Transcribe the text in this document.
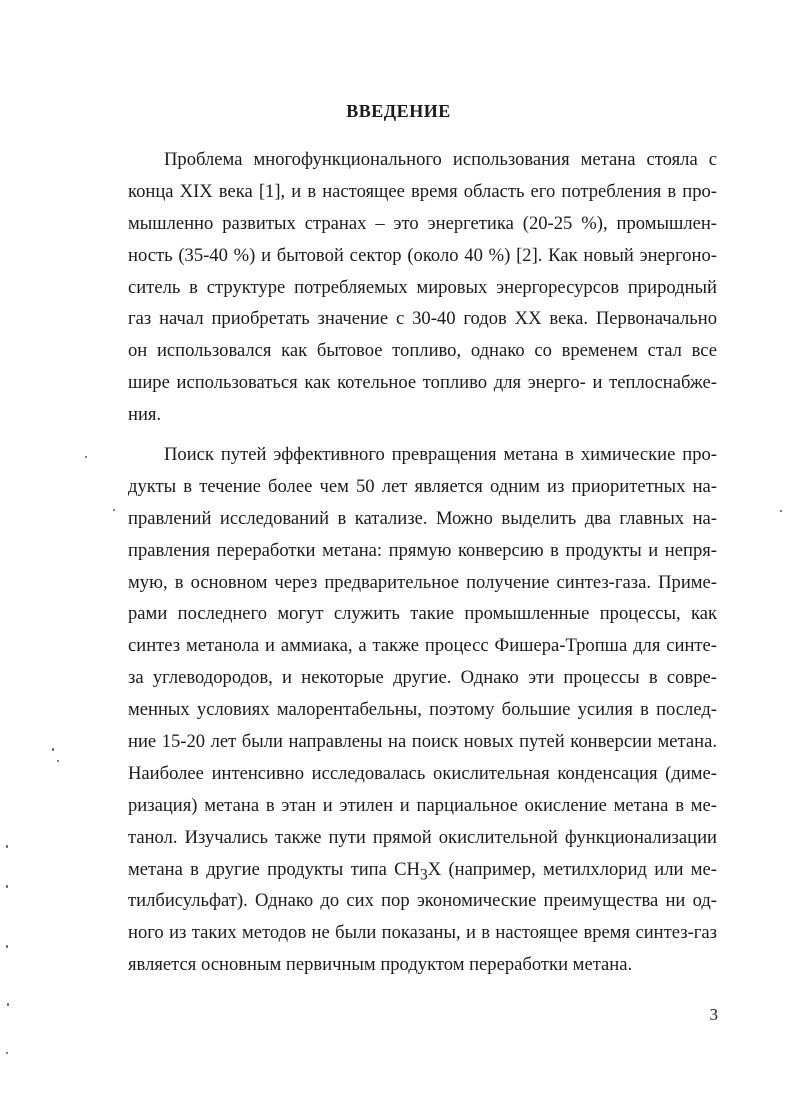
ВВЕДЕНИЕ
Проблема многофункционального использования метана стояла с
конца XIX века [1], и в настоящее время область его потребления в про-
мышленно развитых странах – это энергетика (20-25 %), промышлен-
ность (35-40 %) и бытовой сектор (около 40 %) [2]. Как новый энергоно-
ситель в структуре потребляемых мировых энергоресурсов природный
газ начал приобретать значение с 30-40 годов XX века. Первоначально
он использовался как бытовое топливо, однако со временем стал все
шире использоваться как котельное топливо для энерго- и теплоснабже-
ния.
Поиск путей эффективного превращения метана в химические про-
дукты в течение более чем 50 лет является одним из приоритетных на-
правлений исследований в катализе. Можно выделить два главных на-
правления переработки метана: прямую конверсию в продукты и непря-
мую, в основном через предварительное получение синтез-газа. Приме-
рами последнего могут служить такие промышленные процессы, как
синтез метанола и аммиака, а также процесс Фишера-Тропша для синте-
за углеводородов, и некоторые другие. Однако эти процессы в совре-
менных условиях малорентабельны, поэтому большие усилия в послед-
ние 15-20 лет были направлены на поиск новых путей конверсии метана.
Наиболее интенсивно исследовалась окислительная конденсация (диме-
ризация) метана в этан и этилен и парциальное окисление метана в ме-
танол. Изучались также пути прямой окислительной функционализации
метана в другие продукты типа $CH_3X$ (например, метилхлорид или ме-
тилбисульфат). Однако до сих пор экономические преимущества ни од-
ного из таких методов не были показаны, и в настоящее время синтез-газ
является основным первичным продуктом переработки метана.
3
